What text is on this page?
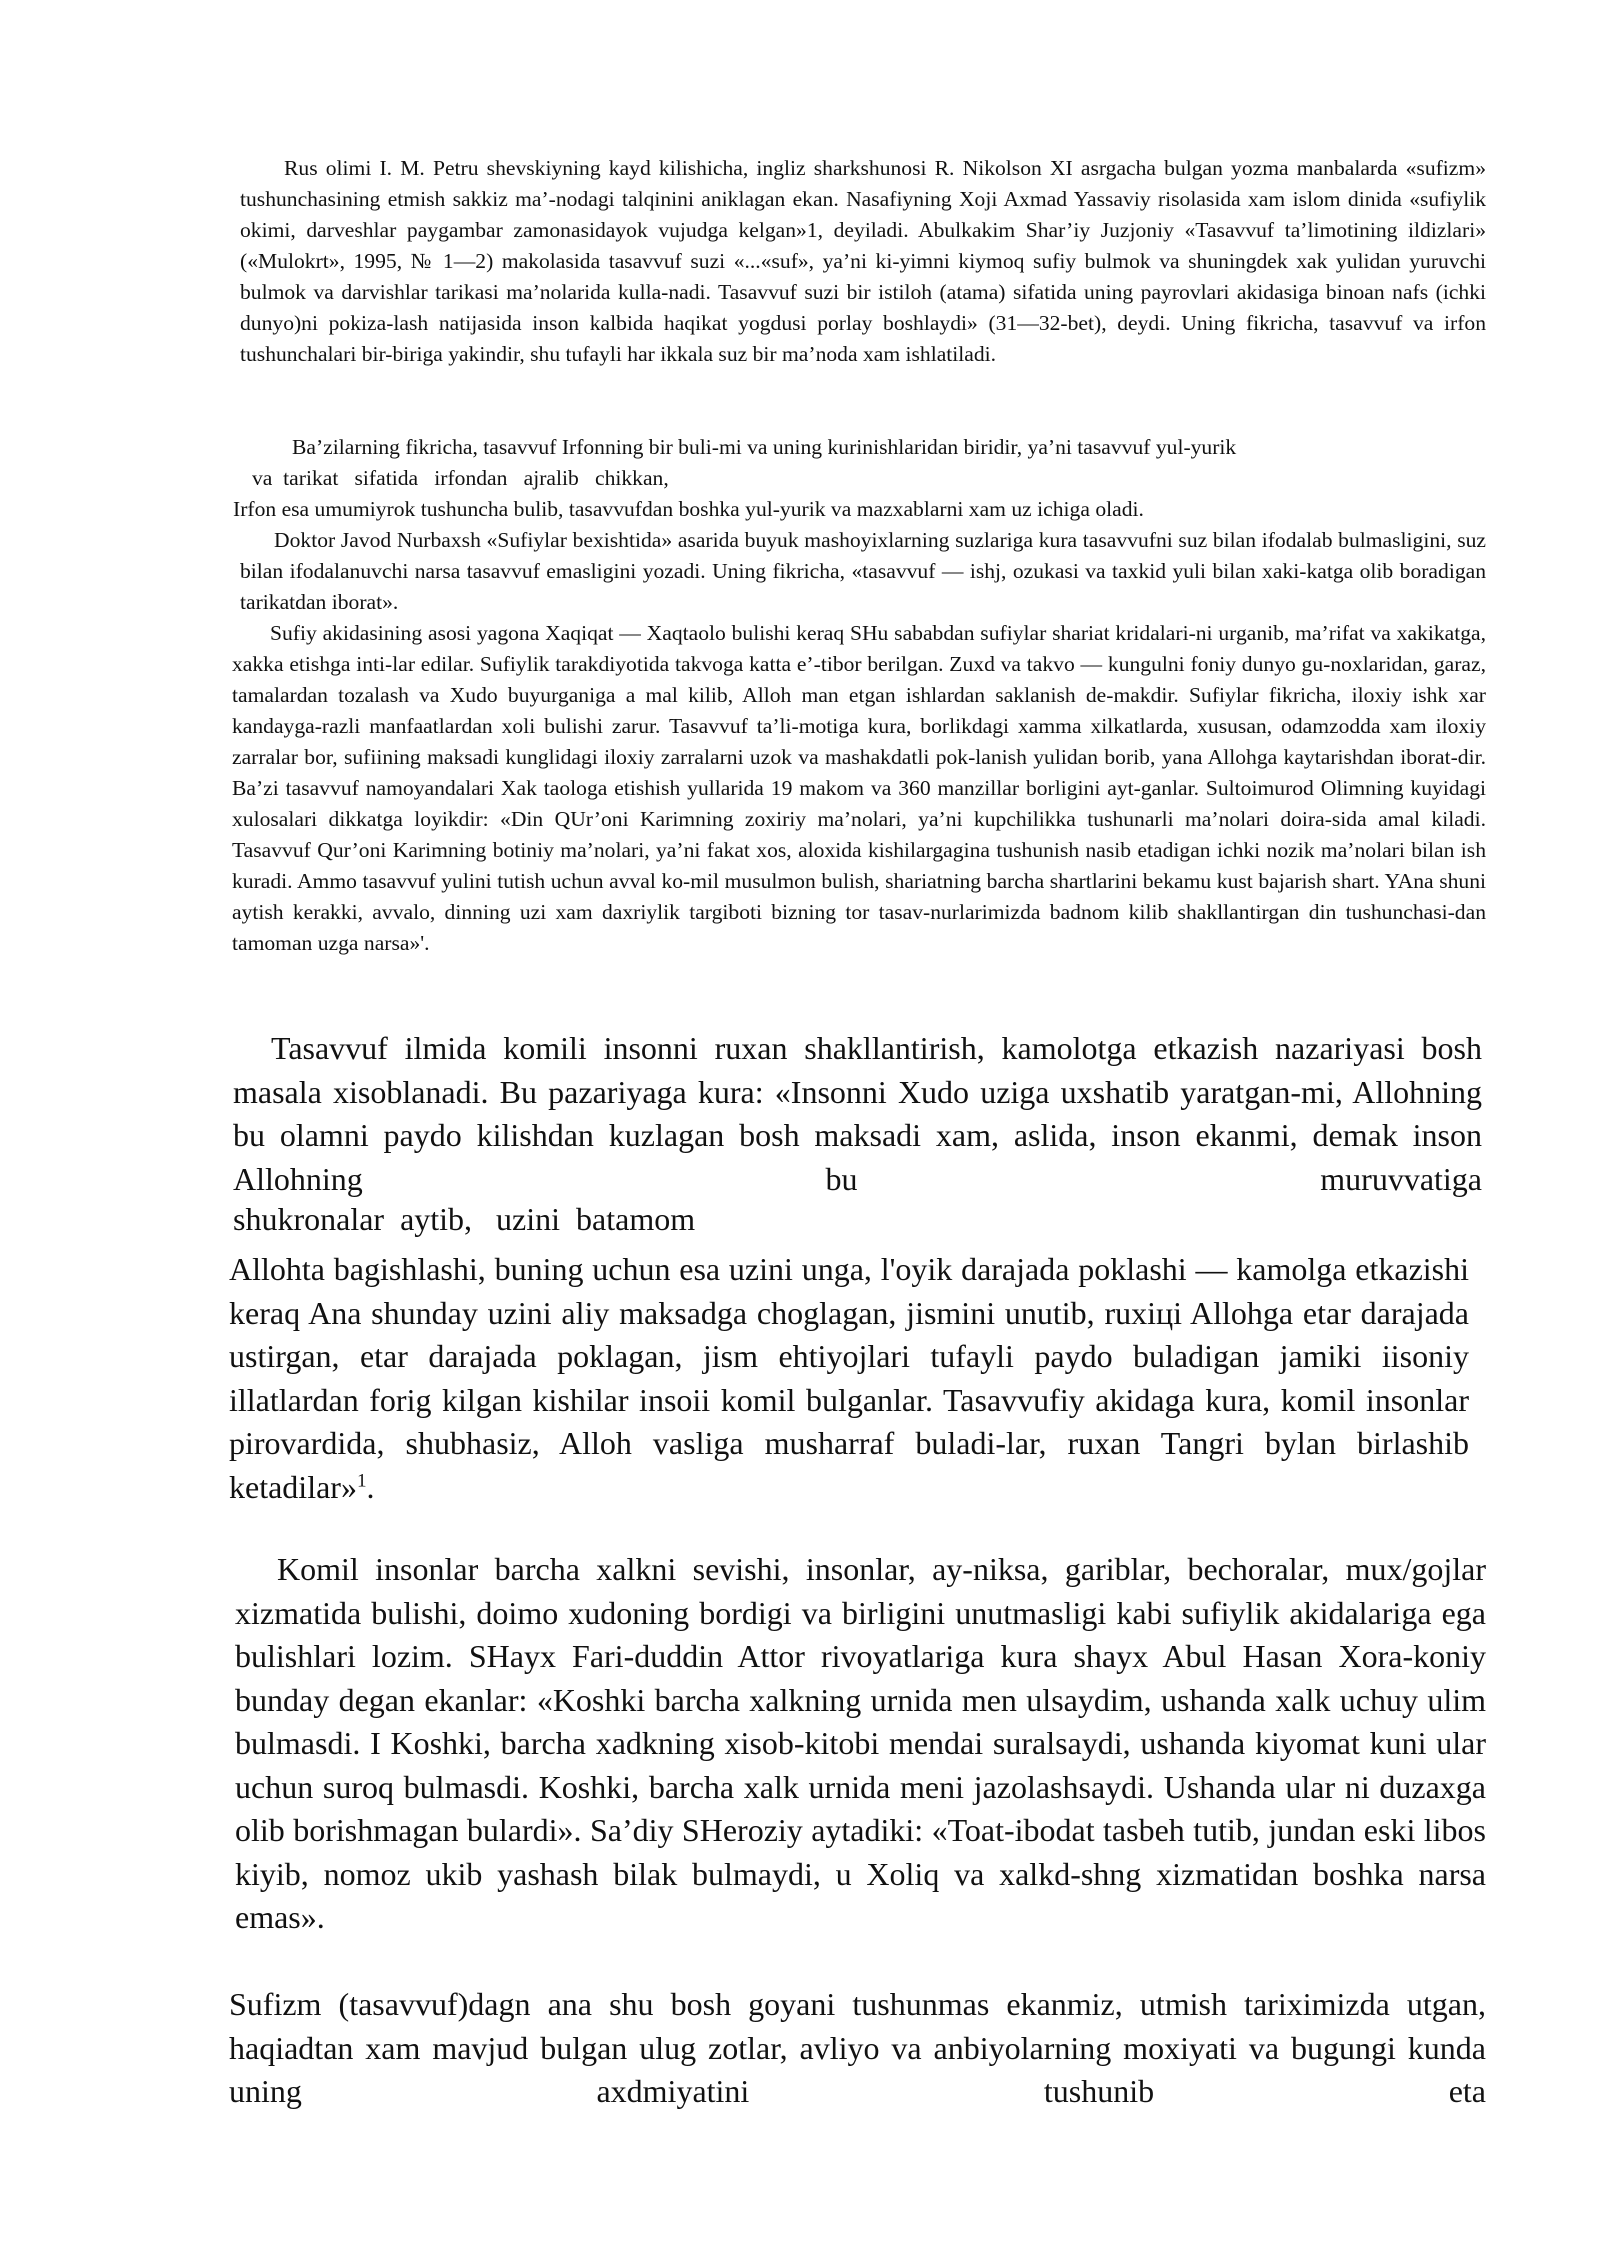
Rus olimi I. M. Petru shevskiyning kayd kilishicha, ingliz sharkshunosi R. Nikolson XI asrgacha bulgan yozma manbalarda «sufizm» tushunchasining etmish sakkiz ma’-nodagi talqinini aniklagan ekan. Nasafiyning Xoji Axmad Yassaviy risolasida xam islom dinida «sufiylik okimi, darveshlar paygambar zamonasidayok vujudga kelgan»1, deyiladi. Abulkakim Shar’iy Juzjoniy «Tasavvuf ta’limotining ildizlari» («Mulokrt», 1995, № 1—2) makolasida tasavvuf suzi «...«suf», ya’ni ki-yimni kiymoq sufiy bulmok va shuningdek xak yulidan yuruvchi bulmok va darvishlar tarikasi ma’nolarida kulla-nadi. Tasavvuf suzi bir istiloh (atama) sifatida uning payrovlari akidasiga binoan nafs (ichki dunyo)ni pokiza-lash natijasida inson kalbida haqikat yogdusi porlay boshlaydi» (31—32-bet), deydi. Uning fikricha, tasavvuf va irfon tushunchalari bir-biriga yakindir, shu tufayli har ikkala suz bir ma’noda xam ishlatiladi.

Ba’zilarning fikricha, tasavvuf Irfonning bir buli-mi va uning kurinishlaridan biridir, ya’ni tasavvuf yul-yurik

va  tarikat   sifatida   irfondan   ajralib   chikkan,

Irfon esa umumiyrok tushuncha bulib, tasavvufdan boshka yul-yurik va mazxablarni xam uz ichiga oladi.

Doktor Javod Nurbaxsh «Sufiylar bexishtida» asarida buyuk mashoyixlarning suzlariga kura tasavvufni suz bilan ifodalab bulmasligini, suz bilan ifodalanuvchi narsa tasavvuf emasligini yozadi. Uning fikricha, «tasavvuf — ishj, ozukasi va taxkid yuli bilan xaki-katga olib boradigan tarikatdan iborat».

Sufiy akidasining asosi yagona Xaqiqat — Xaqtaolo bulishi keraq SHu sababdan sufiylar shariat kridalari-ni urganib, ma’rifat va xakikatga, xakka etishga inti-lar edilar. Sufiylik tarakdiyotida takvoga katta e’-tibor berilgan. Zuxd va takvo — kungulni foniy dunyo gu-noxlaridan, garaz, tamalardan tozalash va Xudo buyurganiga a mal kilib, Alloh man etgan ishlardan saklanish de-makdir. Sufiylar fikricha, iloxiy ishk xar kandayga-razli manfaatlardan xoli bulishi zarur. Tasavvuf ta’li-motiga kura, borlikdagi xamma xilkatlarda, xususan, odamzodda xam iloxiy zarralar bor, sufiining maksadi kunglidagi iloxiy zarralarni uzok va mashakdatli pok-lanish yulidan borib, yana Allohga kaytarishdan iborat-dir. Ba’zi tasavvuf namoyandalari Xak taologa etishish yullarida 19 makom va 360 manzillar borligini ayt-ganlar. Sultoimurod Olimning kuyidagi xulosalari dikkatga loyikdir: «Din QUr’oni Karimning zoxiriy ma’nolari, ya’ni kupchilikka tushunarli ma’nolari doira-sida amal kiladi. Tasavvuf Qur’oni Karimning botiniy ma’nolari, ya’ni fakat xos, aloxida kishilargagina tushunish nasib etadigan ichki nozik ma’nolari bilan ish kuradi. Ammo tasavvuf yulini tutish uchun avval ko-mil musulmon bulish, shariatning barcha shartlarini bekamu kust bajarish shart. YAna shuni aytish kerakki, avvalo, dinning uzi xam daxriylik targiboti bizning tor tasav-nurlarimizda badnom kilib shakllantirgan din tushunchasi-dan tamoman uzga narsa»'.

Tasavvuf ilmida komili insonni ruxan shakllantirish, kamolotga etkazish nazariyasi bosh masala xisoblanadi. Bu pazariyaga kura: «Insonni Xudo uziga uxshatib yaratgan-mi, Allohning bu olamni paydo kilishdan kuzlagan bosh maksadi xam, aslida, inson ekanmi, demak inson Allohning bu muruvvatiga

shukronalar  aytib,   uzini  batamom

Allohta bagishlashi, buning uchun esa uzini unga, l'oyik darajada poklashi — kamolga etkazishi keraq Ana shunday uzini aliy maksadga choglagan, jismini unutib, ruxiцi Allohga etar darajada ustirgan, etar darajada poklagan, jism ehtiyojlari tufayli paydo buladigan jamiki iisoniy illatlardan forig kilgan kishilar insoii komil bulganlar. Tasavvufiy akidaga kura, komil insonlar pirovardida, shubhasiz, Alloh vasliga musharraf buladi-lar, ruxan Tangri bylan birlashib ketadilar»$^1$.

Komil insonlar barcha xalkni sevishi, insonlar, ay-niksa, gariblar, bechoralar, mux/gojlar xizmatida bulishi, doimo xudoning bordigi va birligini unutmasligi kabi sufiylik akidalariga ega bulishlari lozim. SHayx Fari-duddin Attor rivoyatlariga kura shayx Abul Hasan Xora-koniy bunday degan ekanlar: «Koshki barcha xalkning urnida men ulsaydim, ushanda xalk uchuy ulim bulmasdi. I Koshki, barcha xadkning xisob-kitobi mendai suralsaydi, ushanda kiyomat kuni ular uchun suroq bulmasdi. Koshki, barcha xalk urnida meni jazolashsaydi. Ushanda ular ni duzaxga olib borishmagan bulardi». Sa’diy SHeroziy aytadiki: «Toat-ibodat tasbeh tutib, jundan eski libos kiyib, nomoz ukib yashash bilak bulmaydi, u Xoliq va xalkd-shng xizmatidan boshka narsa emas».

Sufizm (tasavvuf)dagn ana shu bosh goyani tushunmas ekanmiz, utmish tariximizda utgan, haqiadtan xam mavjud bulgan ulug zotlar, avliyo va anbiyolarning moxiyati va bugungi kunda uning axdmiyatini tushunib eta
